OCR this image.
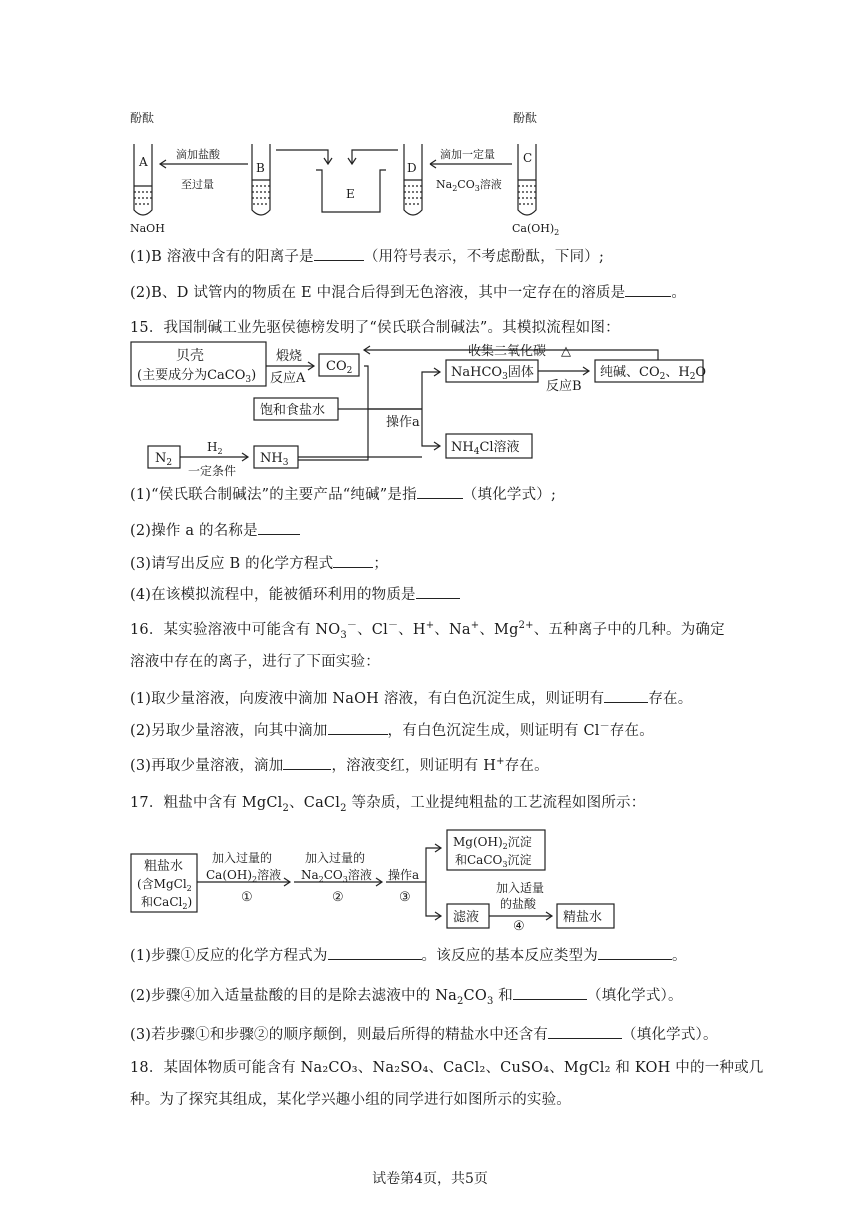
酚酞	酚酞
A	B
C
D
E
NaOH	$Ca(OH)_2$
滴加盐酸
至过量
滴加一定量
$Na_2CO_3$溶液
(1)B 溶液中含有的阳离子是	（用符号表示，不考虑酚酞，下同）;
(2)B、D 试管内的物质在 E 中混合后得到无色溶液，其中一定存在的溶质是	。
15．我国制碱工业先驱侯德榜发明了“侯氏联合制碱法”。其模拟流程如图：
贝壳
(主要成分为CaCO$_3$)
煅烧
反应A
$CO_2$
收集二氧化碳 △
NaHCO$_3$固体
反应B
纯碱、$CO_2$、$H_2O$
饱和食盐水
操作a
$N_2$
$H_2$
一定条件
$NH_3$
$NH_4Cl$溶液
(1)“侯氏联合制碱法”的主要产品“纯碱”是指	（填化学式）;
(2)操作 a 的名称是
(3)请写出反应 B 的化学方程式	；
(4)在该模拟流程中，能被循环利用的物质是
16．某实验溶液中可能含有 $NO_3^-$、Cl－、H+、Na+、$Mg^{2+}$、五种离子中的几种。为确定
溶液中存在的离子，进行了下面实验：
(1)取少量溶液，向废液中滴加 NaOH 溶液，有白色沉淀生成，则证明有	存在。
(2)另取少量溶液，向其中滴加	，有白色沉淀生成，则证明有 Cl－存在。
(3)再取少量溶液，滴加	，溶液变红，则证明有 H+存在。
17．粗盐中含有 MgCl$_2$、CaCl$_2$ 等杂质，工业提纯粗盐的工艺流程如图所示：
粗盐水
(含MgCl$_2$
和CaCl$_2$)
加入过量的
$Ca(OH)_2$溶液
①
加入过量的
$Na_2CO_3$溶液
②
操作a
③
$Mg(OH)_2$沉淀
和CaCO$_3$沉淀
滤液
加入适量
的盐酸
④
精盐水
(1)步骤①反应的化学方程式为	。该反应的基本反应类型为	。
(2)步骤④加入适量盐酸的目的是除去滤液中的 $Na_2CO_3$ 和	（填化学式）。
(3)若步骤①和步骤②的顺序颠倒，则最后所得的精盐水中还含有	（填化学式）。
18．某固体物质可能含有 Na₂CO₃、Na₂SO₄、CaCl₂、CuSO₄、MgCl₂ 和 KOH 中的一种或几
种。为了探究其组成，某化学兴趣小组的同学进行如图所示的实验。
试卷第4页，共5页
